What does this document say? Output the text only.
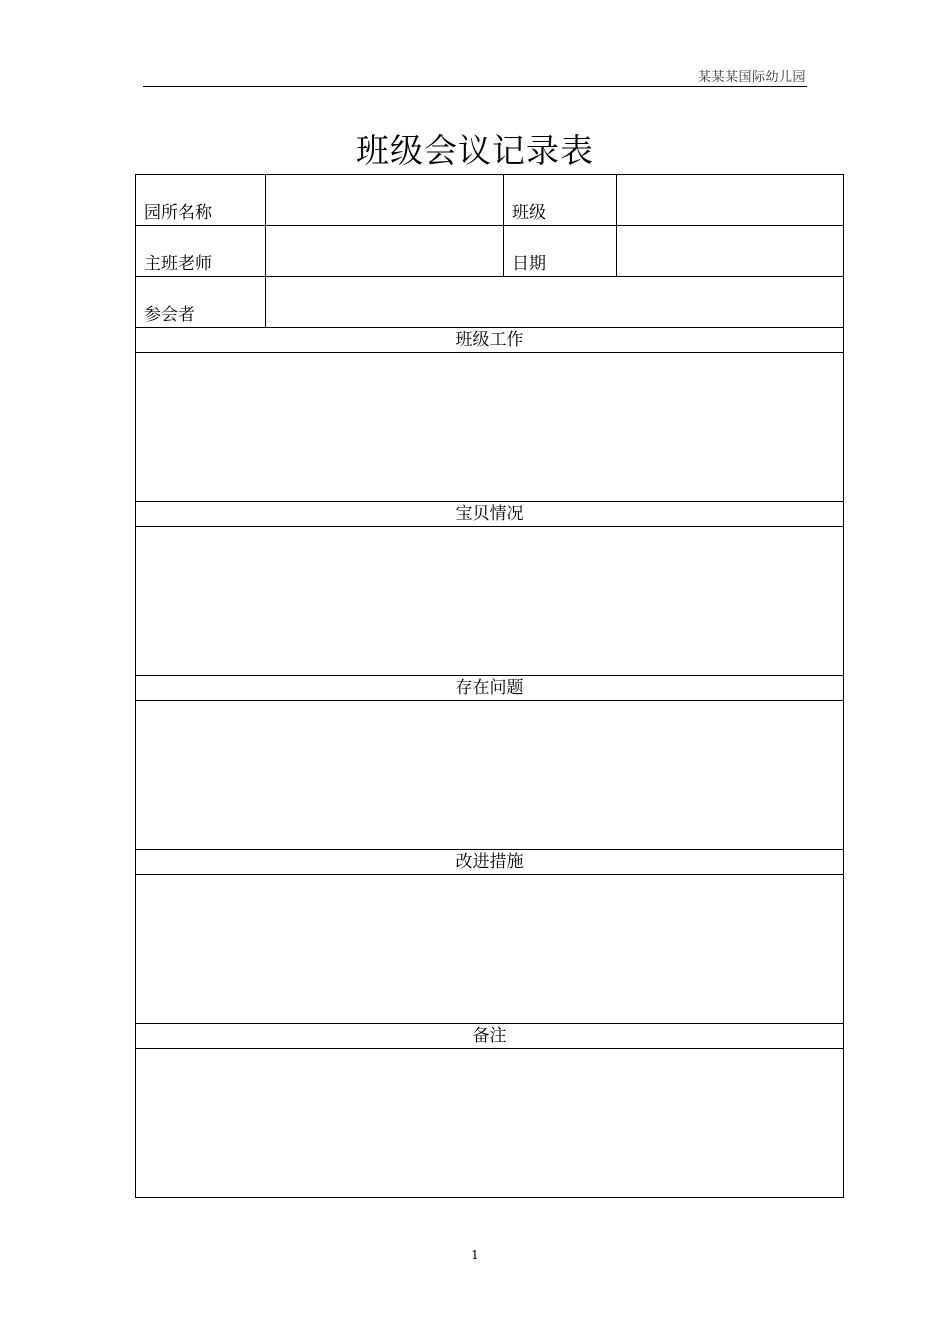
某某某国际幼儿园
班级会议记录表
园所名称		班级	
主班老师		日期	
参会者			
班级工作			

宝贝情况			

存在问题			

改进措施			

备注			

1
